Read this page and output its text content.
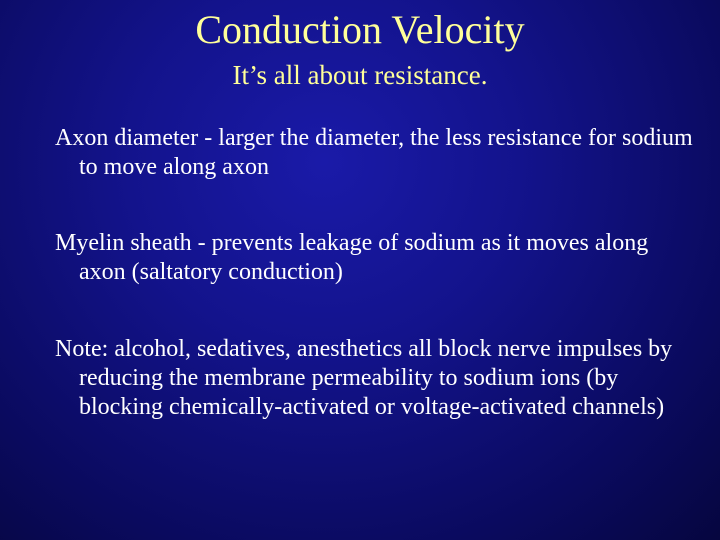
Conduction Velocity
It’s all about resistance.
Axon diameter - larger the diameter, the less resistance for sodium to move along axon
Myelin sheath - prevents leakage of sodium as it moves along axon (saltatory conduction)
Note: alcohol, sedatives, anesthetics all block nerve impulses by reducing the membrane permeability to sodium ions (by blocking chemically-activated or voltage-activated channels)
